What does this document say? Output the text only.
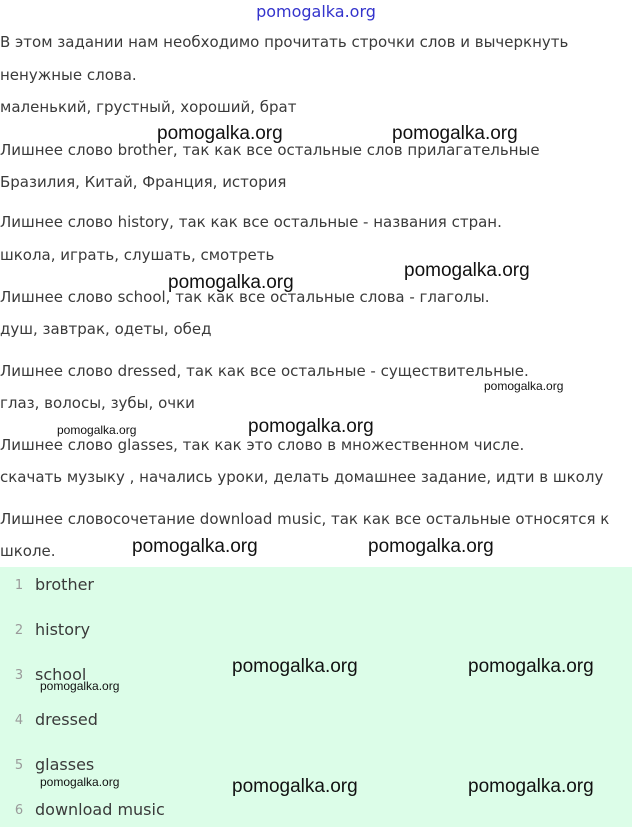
pomogalka.org
В этом задании нам необходимо прочитать строчки слов и вычеркнуть
ненужные слова.
маленький, грустный, хороший, брат
Лишнее слово brother, так как все остальные слов прилагательные
Бразилия, Китай, Франция, история
Лишнее слово history, так как все остальные - названия стран.
школа, играть, слушать, смотреть
Лишнее слово school, так как все остальные слова - глаголы.
душ, завтрак, одеты, обед
Лишнее слово dressed, так как все остальные - существительные.
глаз, волосы, зубы, очки
Лишнее слово glasses, так как это слово в множественном числе.
скачать музыку , начались уроки, делать домашнее задание, идти в школу
Лишнее словосочетание download music, так как все остальные относятся к
школе.
1 brother
2 history
3 school
4 dressed
5 glasses
6 download music
pomogalka.org	pomogalka.org
pomogalka.org
pomogalka.org
pomogalka.org
pomogalka.org
pomogalka.org
pomogalka.org	pomogalka.org
pomogalka.org	pomogalka.org
pomogalka.org
pomogalka.org	pomogalka.org
pomogalka.org
